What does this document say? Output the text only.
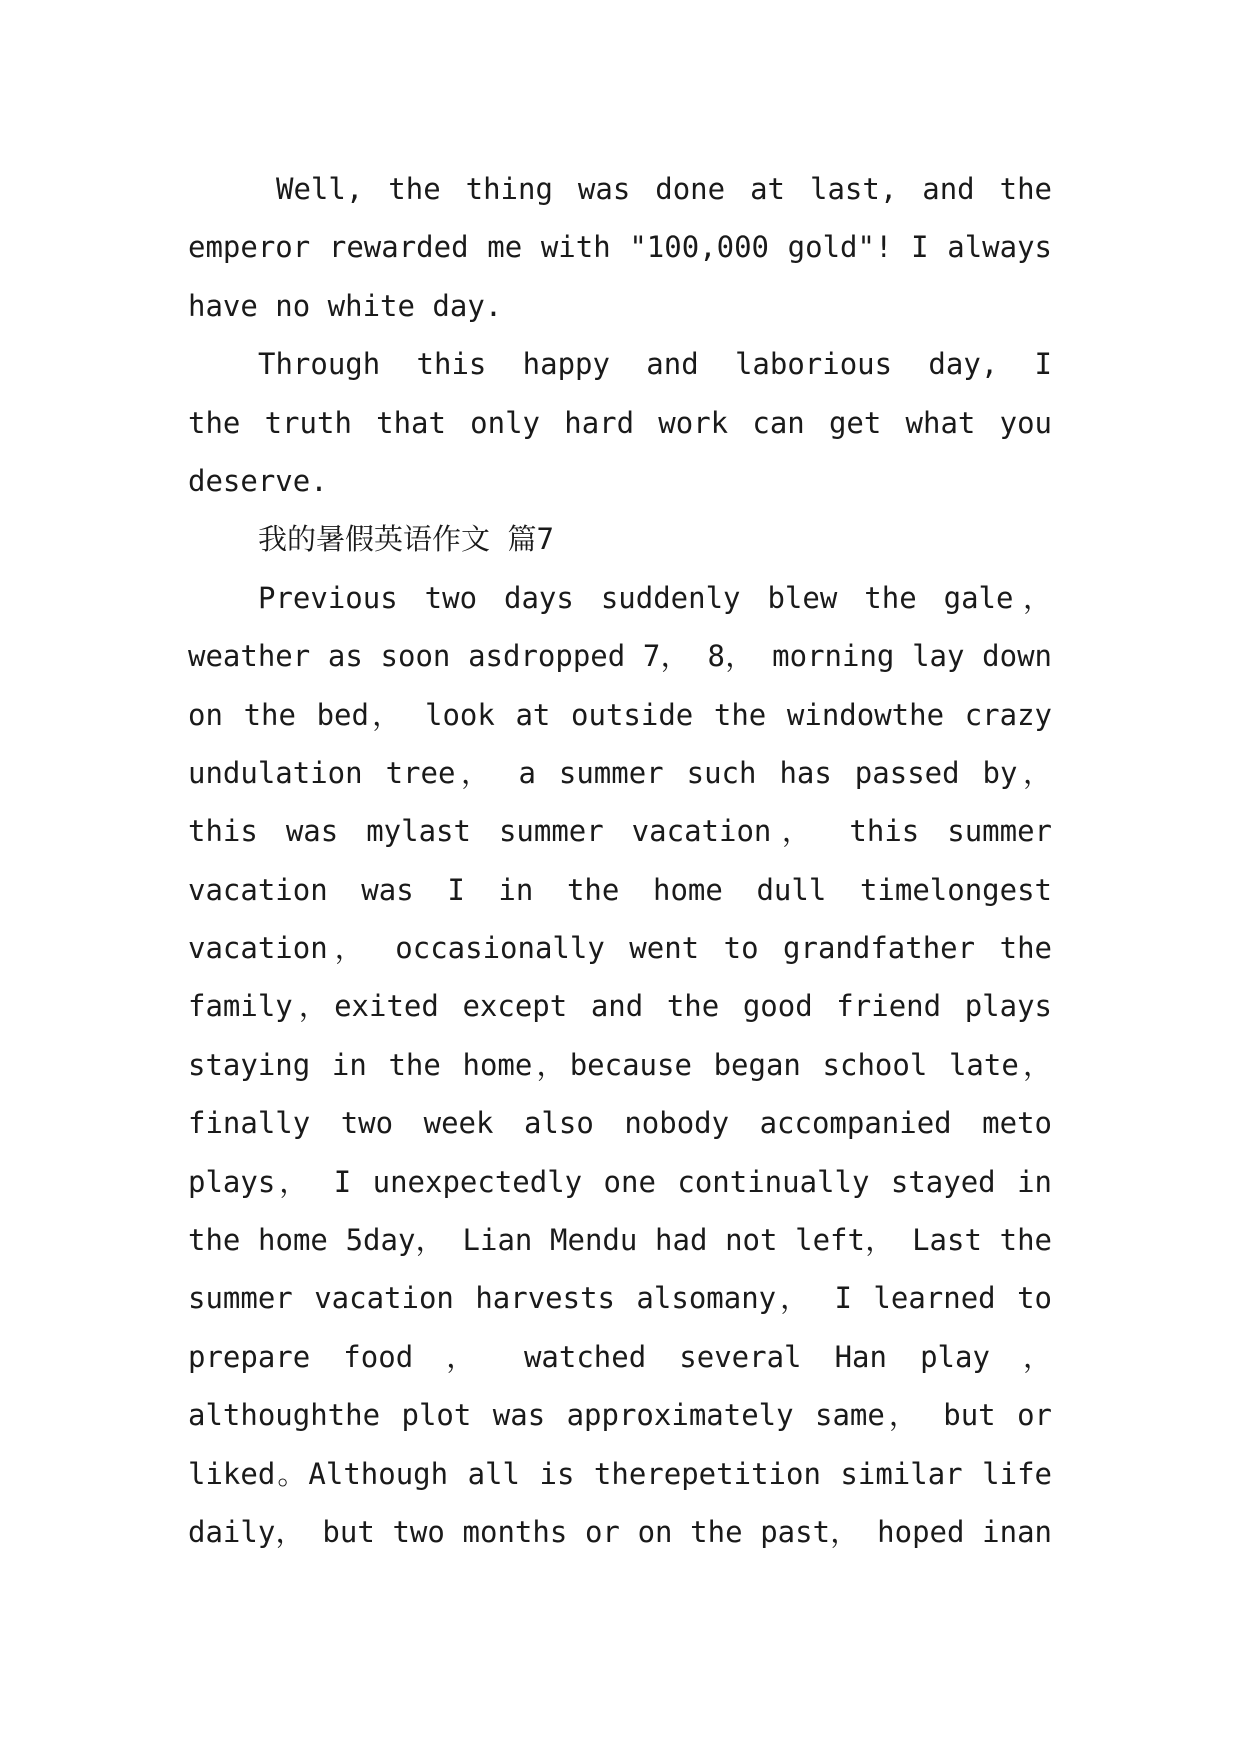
Well, the thing was done at last, and the
emperor rewarded me with "100,000 gold"! I always
have no white day.
Through this happy and laborious day, I
the truth that only hard work can get what you
deserve.
我的暑假英语作文 篇7
Previous two days suddenly blew the gale，
weather as soon asdropped 7， 8， morning lay down
on the bed， look at outside the windowthe crazy
undulation tree， a summer such has passed by，
this was mylast summer vacation， this summer
vacation was I in the home dull timelongest
vacation， occasionally went to grandfather the
family，exited except and the good friend plays
staying in the home，because began school late，
finally two week also nobody accompanied meto
plays， I unexpectedly one continually stayed in
the home 5day， Lian Mendu had not left， Last the
summer vacation harvests alsomany， I learned to
prepare food ， watched several Han play ，
althoughthe plot was approximately same， but or
liked。Although all is therepetition similar life
daily， but two months or on the past， hoped inan
